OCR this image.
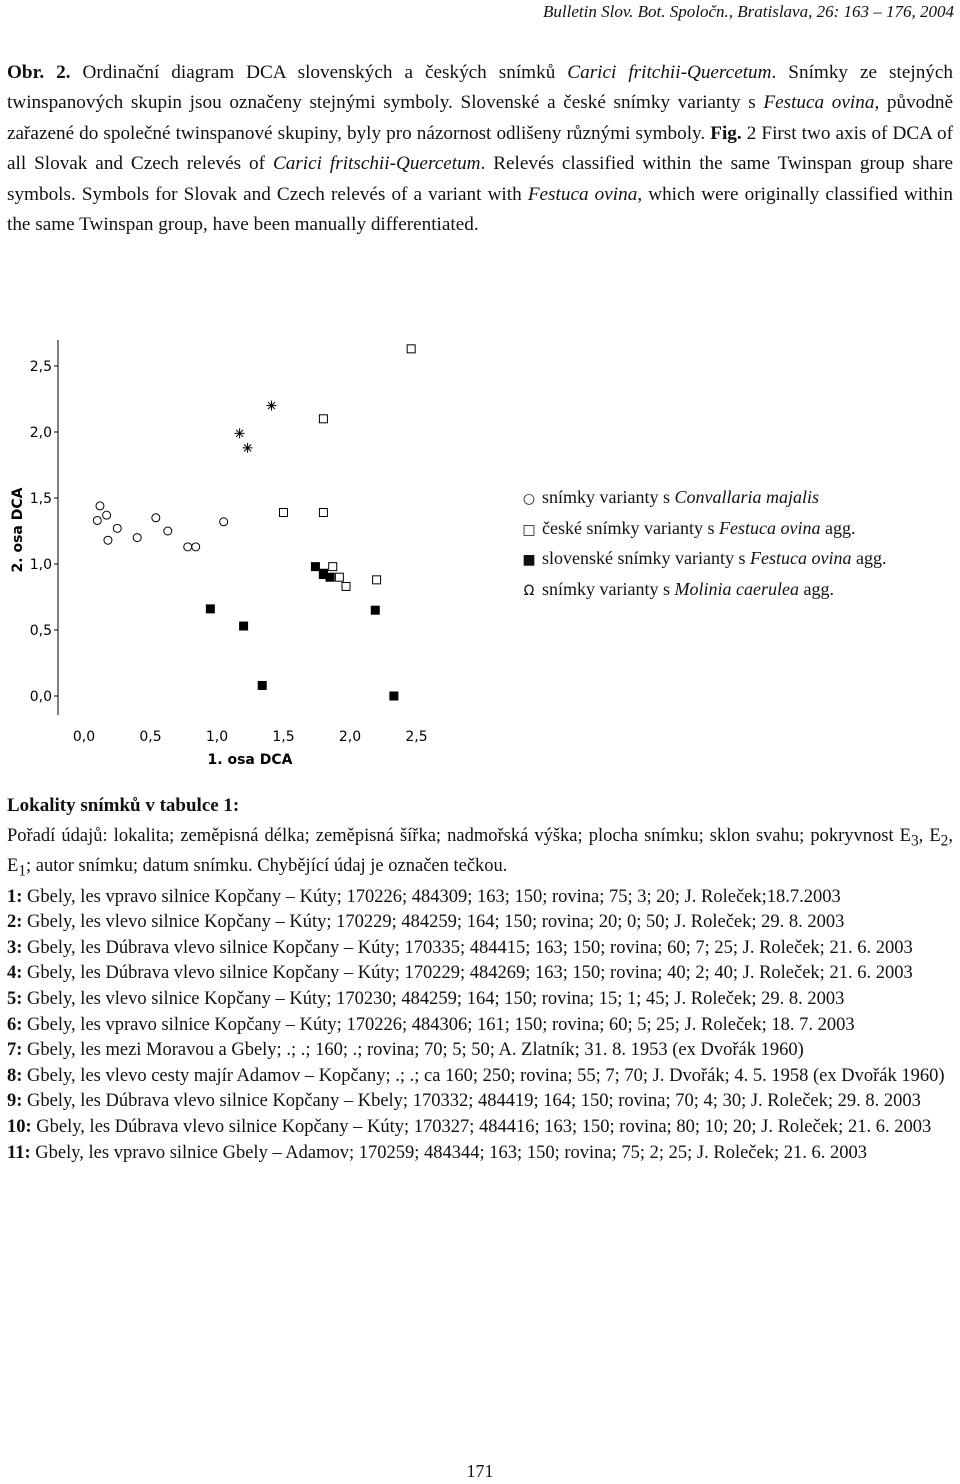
Bulletin Slov. Bot. Spoločn., Bratislava, 26: 163 – 176, 2004
Obr. 2. Ordinační diagram DCA slovenských a českých snímků Carici fritchii-Quercetum. Snímky ze stejných twinspanových skupin jsou označeny stejnými symboly. Slovenské a české snímky varianty s Festuca ovina, původně zařazené do společné twinspanové skupiny, byly pro názornost odlišeny různými symboly. Fig. 2 First two axis of DCA of all Slovak and Czech relevés of Carici fritschii-Quercetum. Relevés classified within the same Twinspan group share symbols. Symbols for Slovak and Czech relevés of a variant with Festuca ovina, which were originally classified within the same Twinspan group, have been manually differentiated.
0,0
0,5
1,0
1,5
2,0
2,5
0,0	0,5	1,0	1,5	2,0	2,5
1. osa DCA
2. osa DCA	○ snímky varianty s Convallaria majalis
□ české snímky varianty s Festuca ovina agg.
■ slovenské snímky varianty s Festuca ovina agg.
Ω snímky varianty s Molinia caerulea agg.
Lokality snímků v tabulce 1:

Pořadí údajů: lokalita; zeměpisná délka; zeměpisná šířka; nadmořská výška; plocha snímku; sklon svahu; pokryvnost $E_3$, $E_2$, $E_1$; autor snímku; datum snímku. Chybějící údaj je označen tečkou.

1: Gbely, les vpravo silnice Kopčany – Kúty; 170226; 484309; 163; 150; rovina; 75; 3; 20; J. Roleček;18.7.2003

2: Gbely, les vlevo silnice Kopčany – Kúty; 170229; 484259; 164; 150; rovina; 20; 0; 50; J. Roleček; 29. 8. 2003

3: Gbely, les Dúbrava vlevo silnice Kopčany – Kúty; 170335; 484415; 163; 150; rovina; 60; 7; 25; J. Roleček; 21. 6. 2003

4: Gbely, les Dúbrava vlevo silnice Kopčany – Kúty; 170229; 484269; 163; 150; rovina; 40; 2; 40; J. Roleček; 21. 6. 2003

5: Gbely, les vlevo silnice Kopčany – Kúty; 170230; 484259; 164; 150; rovina; 15; 1; 45; J. Roleček; 29. 8. 2003

6: Gbely, les vpravo silnice Kopčany – Kúty; 170226; 484306; 161; 150; rovina; 60; 5; 25; J. Roleček; 18. 7. 2003

7: Gbely, les mezi Moravou a Gbely; .; .; 160; .; rovina; 70; 5; 50; A. Zlatník; 31. 8. 1953 (ex Dvořák 1960)

8: Gbely, les vlevo cesty majír Adamov – Kopčany; .; .; ca 160; 250; rovina; 55; 7; 70; J. Dvořák; 4. 5. 1958 (ex Dvořák 1960)

9: Gbely, les Dúbrava vlevo silnice Kopčany – Kbely; 170332; 484419; 164; 150; rovina; 70; 4; 30; J. Roleček; 29. 8. 2003

10: Gbely, les Dúbrava vlevo silnice Kopčany – Kúty; 170327; 484416; 163; 150; rovina; 80; 10; 20; J. Roleček; 21. 6. 2003

11: Gbely, les vpravo silnice Gbely – Adamov; 170259; 484344; 163; 150; rovina; 75; 2; 25; J. Roleček; 21. 6. 2003

171
